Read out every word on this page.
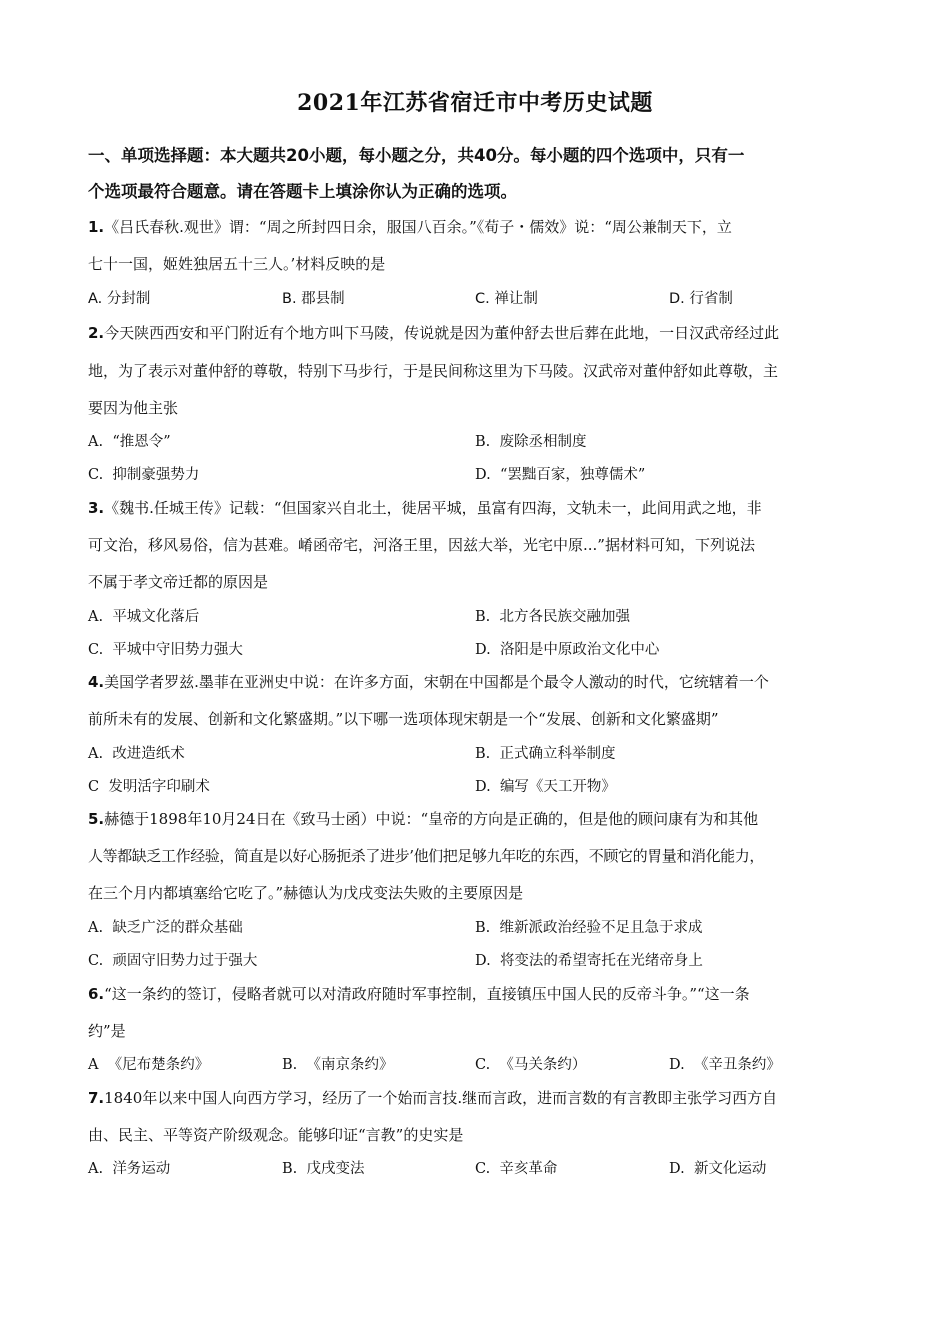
2021年江苏省宿迁市中考历史试题
一、单项选择题：本大题共20小题，每小题之分，共40分。每小题的四个选项中，只有一
个选项最符合题意。请在答题卡上填涂你认为正确的选项。
1.《吕氏春秋.观世》谓：“周之所封四日余，服国八百余。”《荀子・儒效》说：“周公兼制天下，立
七十一国，姬姓独居五十三人。’材料反映的是
A. 分封制	B. 郡县制	C. 禅让制	D. 行省制
2.今天陕西西安和平门附近有个地方叫下马陵，传说就是因为董仲舒去世后葬在此地，一日汉武帝经过此
地，为了表示对董仲舒的尊敬，特别下马步行，于是民间称这里为下马陵。汉武帝对董仲舒如此尊敬，主
要因为他主张
A. “推恩令”	B. 废除丞相制度
C. 抑制豪强势力	D. “罢黜百家，独尊儒术”
3.《魏书.任城王传》记载：“但国家兴自北土，徙居平城，虽富有四海，文轨未一，此间用武之地，非
可文治，移风易俗，信为甚难。崤函帝宅，河洛王里，因兹大举，光宅中原...”据材料可知，下列说法
不属于孝文帝迁都的原因是
A. 平城文化落后	B. 北方各民族交融加强
C. 平城中守旧势力强大	D. 洛阳是中原政治文化中心
4.美国学者罗兹.墨菲在亚洲史中说：在许多方面，宋朝在中国都是个最令人激动的时代，它统辖着一个
前所未有的发展、创新和文化繁盛期。”以下哪一选项体现宋朝是一个“发展、创新和文化繁盛期”
A. 改进造纸术	B. 正式确立科举制度
C 发明活字印刷术	D. 编写《天工开物》
5.赫德于1898年10月24日在《致马士函）中说：“皇帝的方向是正确的，但是他的顾问康有为和其他
人等都缺乏工作经验，简直是以好心肠扼杀了进步’他们把足够九年吃的东西，不顾它的胃量和消化能力，
在三个月内都填塞给它吃了。”赫德认为戊戌变法失败的主要原因是
A. 缺乏广泛的群众基础	B. 维新派政治经验不足且急于求成
C. 顽固守旧势力过于强大	D. 将变法的希望寄托在光绪帝身上
6.“这一条约的签订，侵略者就可以对清政府随时军事控制，直接镇压中国人民的反帝斗争。”“这一条
约”是
A 《尼布楚条约》	B. 《南京条约》	C. 《马关条约）	D. 《辛丑条约》
7.1840年以来中国人向西方学习，经历了一个始而言技.继而言政，进而言数的有言教即主张学习西方自
由、民主、平等资产阶级观念。能够印证“言教”的史实是
A. 洋务运动	B. 戊戌变法	C. 辛亥革命	D. 新文化运动
